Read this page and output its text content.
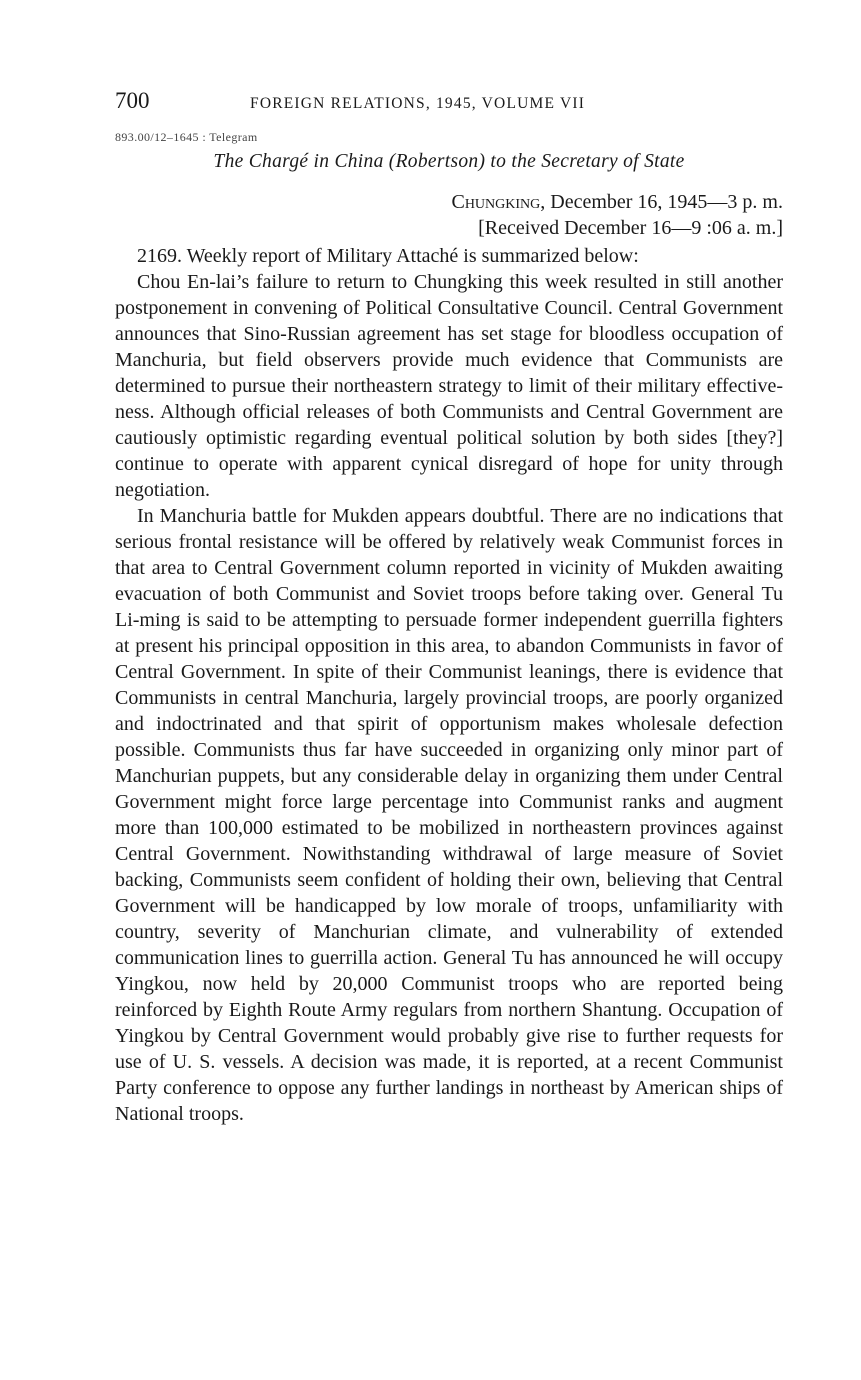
700	FOREIGN RELATIONS, 1945, VOLUME VII
893.00/12–1645 : Telegram
The Chargé in China (Robertson) to the Secretary of State
Chungking, December 16, 1945—3 p. m.
[Received December 16—9 :06 a. m.]

2169. Weekly report of Military Attaché is summarized below:

Chou En-lai’s failure to return to Chungking this week resulted in still another postponement in convening of Political Consultative Council. Central Government announces that Sino-Russian agreement has set stage for bloodless occupation of Manchuria, but field observers provide much evidence that Communists are determined to pursue their northeastern strategy to limit of their military effectiveness. Although official releases of both Communists and Central Government are cautiously optimistic regarding eventual political solution by both sides [they?] continue to operate with apparent cynical disregard of hope for unity through negotiation.

In Manchuria battle for Mukden appears doubtful. There are no indications that serious frontal resistance will be offered by relatively weak Communist forces in that area to Central Government column reported in vicinity of Mukden awaiting evacuation of both Communist and Soviet troops before taking over. General Tu Li-ming is said to be attempting to persuade former independent guerrilla fighters at present his principal opposition in this area, to abandon Communists in favor of Central Government. In spite of their Communist leanings, there is evidence that Communists in central Manchuria, largely provincial troops, are poorly organized and indoctrinated and that spirit of opportunism makes wholesale defection possible. Communists thus far have succeeded in organizing only minor part of Manchurian puppets, but any considerable delay in organizing them under Central Government might force large percentage into Communist ranks and augment more than 100,000 estimated to be mobilized in northeastern provinces against Central Government. Nowithstanding withdrawal of large measure of Soviet backing, Communists seem confident of holding their own, believing that Central Government will be handicapped by low morale of troops, unfamiliarity with country, severity of Manchurian climate, and vulnerability of extended communication lines to guerrilla action. General Tu has announced he will occupy Yingkou, now held by 20,000 Communist troops who are reported being reinforced by Eighth Route Army regulars from northern Shantung. Occupation of Yingkou by Central Government would probably give rise to further requests for use of U. S. vessels. A decision was made, it is reported, at a recent Communist Party conference to oppose any further landings in northeast by American ships of National troops.
